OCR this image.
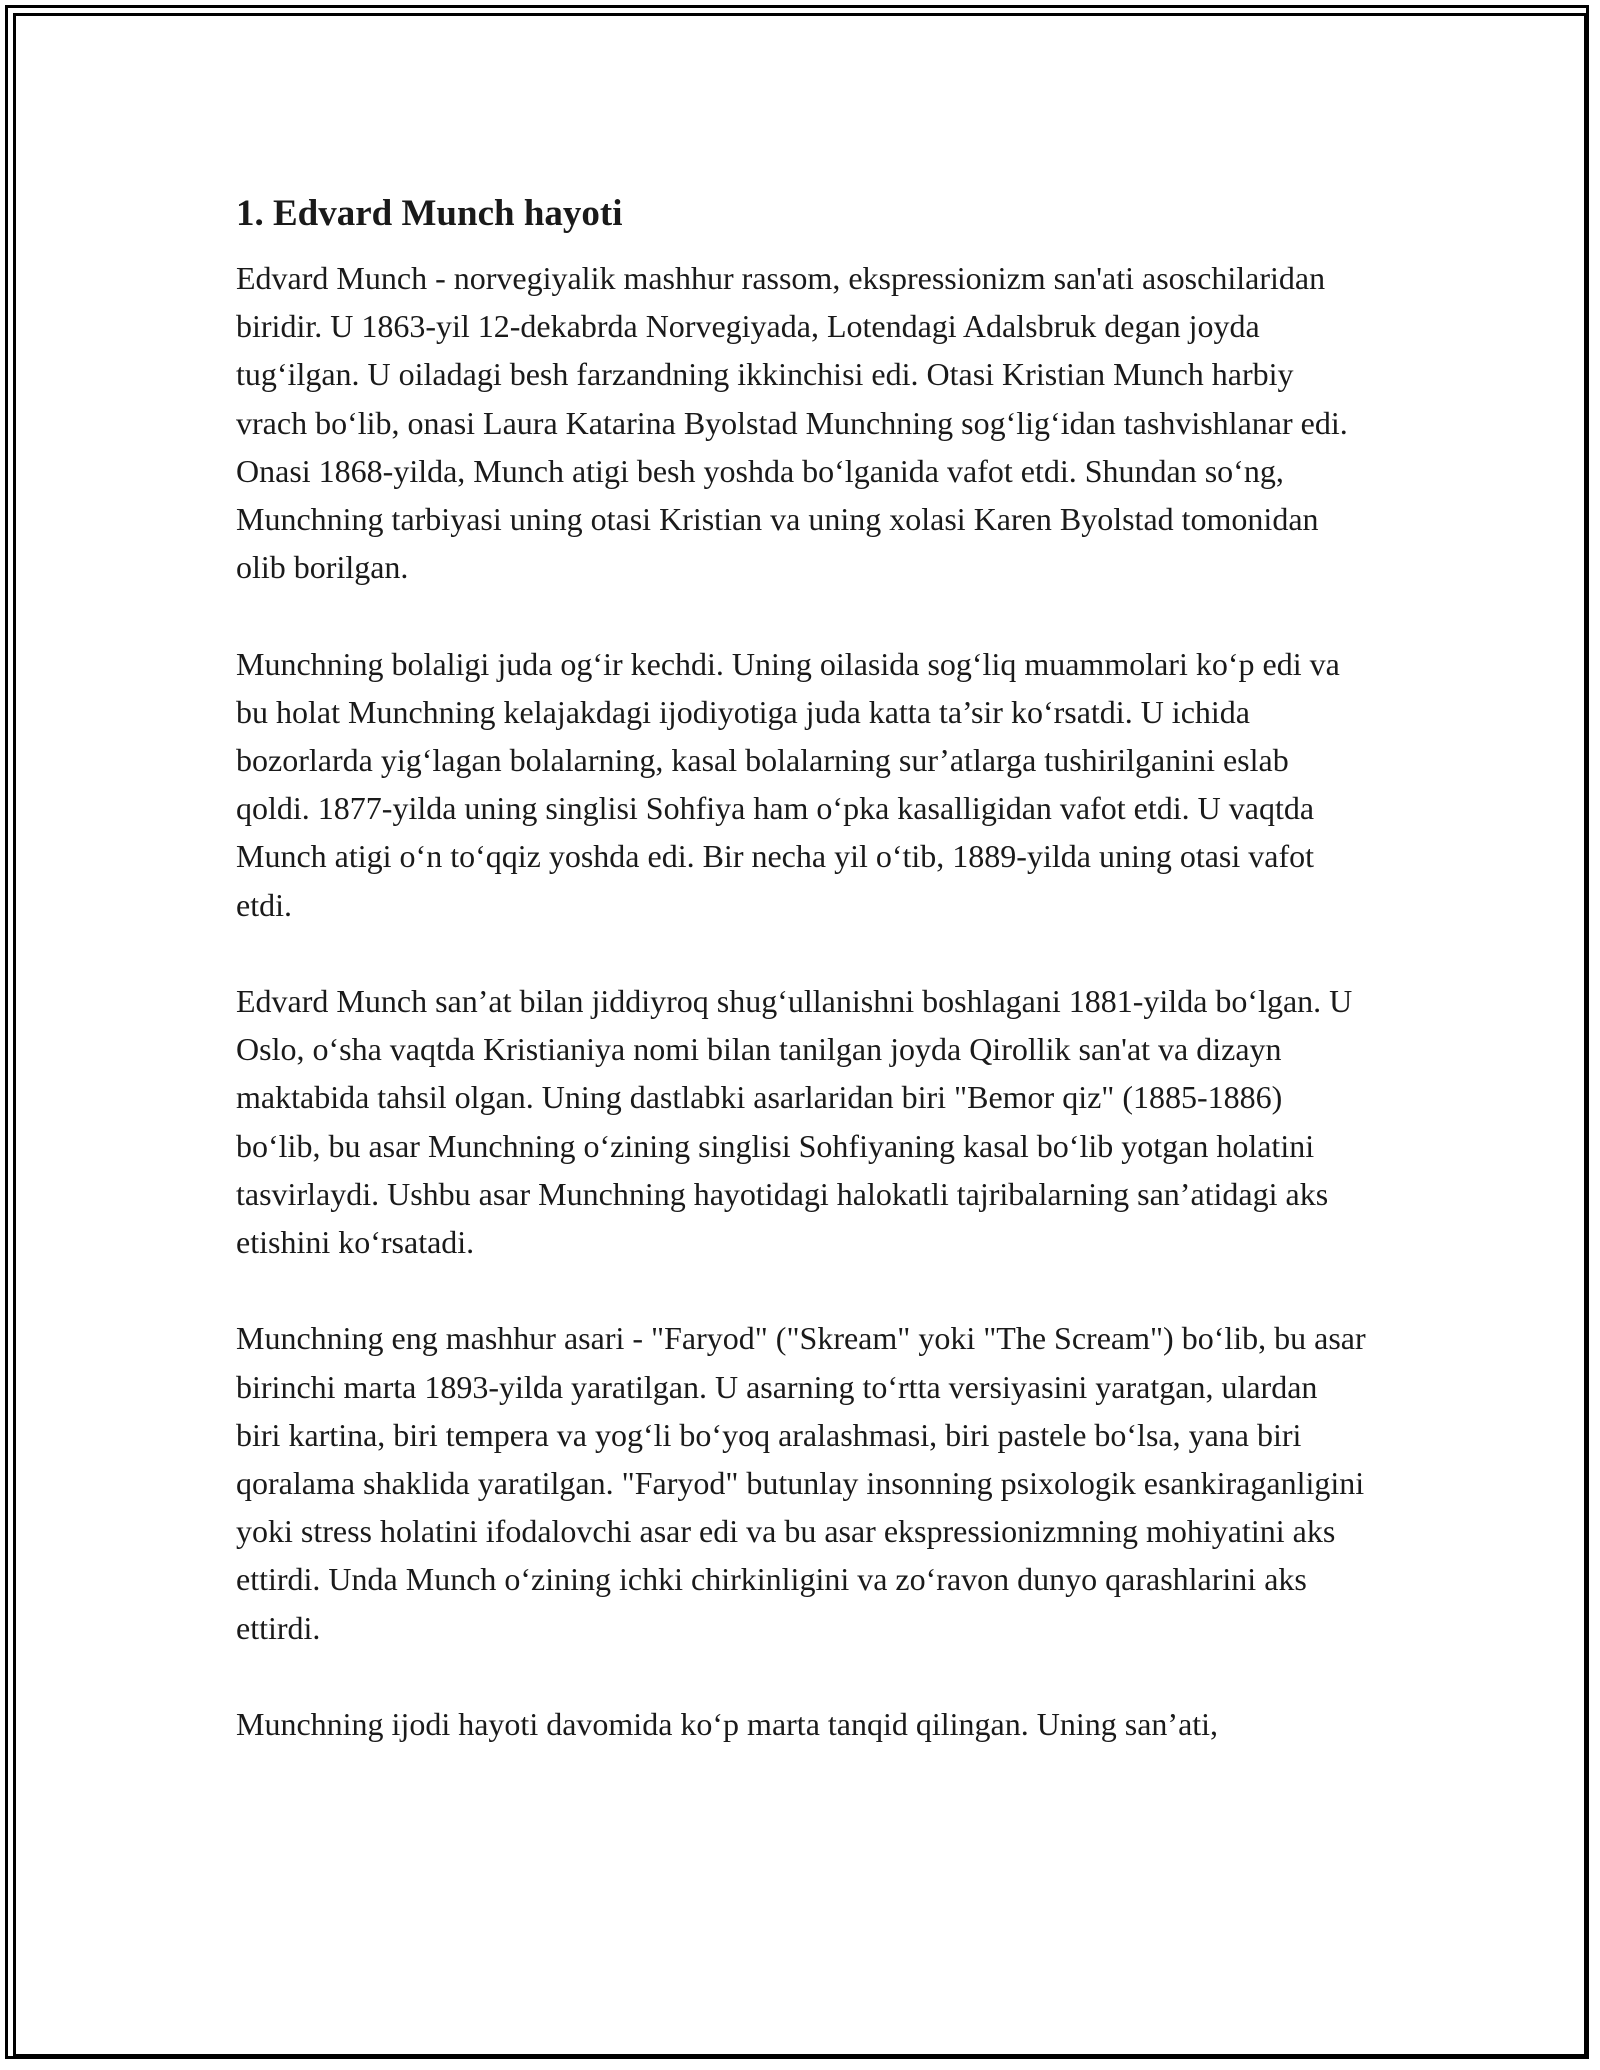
1. Edvard Munch hayoti

Edvard Munch - norvegiyalik mashhur rassom, ekspressionizm san'ati asoschilaridan biridir. U 1863-yil 12-dekabrda Norvegiyada, Lotendagi Adalsbruk degan joyda tug‘ilgan. U oiladagi besh farzandning ikkinchisi edi. Otasi Kristian Munch harbiy vrach bo‘lib, onasi Laura Katarina Byolstad Munchning sog‘lig‘idan tashvishlanar edi. Onasi 1868-yilda, Munch atigi besh yoshda bo‘lganida vafot etdi. Shundan so‘ng, Munchning tarbiyasi uning otasi Kristian va uning xolasi Karen Byolstad tomonidan olib borilgan.

Munchning bolaligi juda og‘ir kechdi. Uning oilasida sog‘liq muammolari ko‘p edi va bu holat Munchning kelajakdagi ijodiyotiga juda katta ta’sir ko‘rsatdi. U ichida bozorlarda yig‘lagan bolalarning, kasal bolalarning sur’atlarga tushirilganini eslab qoldi. 1877-yilda uning singlisi Sohfiya ham o‘pka kasalligidan vafot etdi. U vaqtda Munch atigi o‘n to‘qqiz yoshda edi. Bir necha yil o‘tib, 1889-yilda uning otasi vafot etdi.

Edvard Munch san’at bilan jiddiyroq shug‘ullanishni boshlagani 1881-yilda bo‘lgan. U Oslo, o‘sha vaqtda Kristianiya nomi bilan tanilgan joyda Qirollik san'at va dizayn maktabida tahsil olgan. Uning dastlabki asarlaridan biri "Bemor qiz" (1885-1886) bo‘lib, bu asar Munchning o‘zining singlisi Sohfiyaning kasal bo‘lib yotgan holatini tasvirlaydi. Ushbu asar Munchning hayotidagi halokatli tajribalarning san’atidagi aks etishini ko‘rsatadi.

Munchning eng mashhur asari - "Faryod" ("Skream" yoki "The Scream") bo‘lib, bu asar birinchi marta 1893-yilda yaratilgan. U asarning to‘rtta versiyasini yaratgan, ulardan biri kartina, biri tempera va yog‘li bo‘yoq aralashmasi, biri pastele bo‘lsa, yana biri qoralama shaklida yaratilgan. "Faryod" butunlay insonning psixologik esankiraganligini yoki stress holatini ifodalovchi asar edi va bu asar ekspressionizmning mohiyatini aks ettirdi. Unda Munch o‘zining ichki chirkinligini va zo‘ravon dunyo qarashlarini aks ettirdi.

Munchning ijodi hayoti davomida ko‘p marta tanqid qilingan. Uning san’ati,
